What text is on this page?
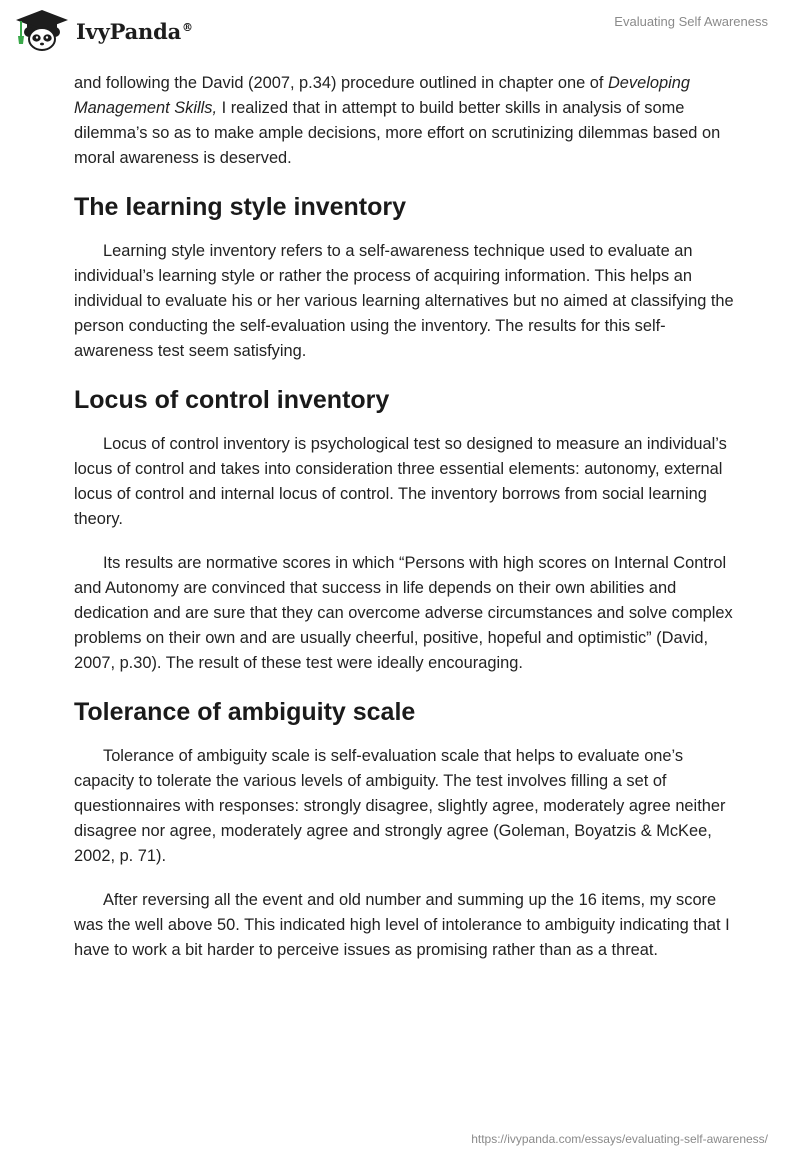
IvyPanda®	Evaluating Self Awareness

and following the David (2007, p.34) procedure outlined in chapter one of Developing Management Skills, I realized that in attempt to build better skills in analysis of some dilemma’s so as to make ample decisions, more effort on scrutinizing dilemmas based on moral awareness is deserved.

The learning style inventory

Learning style inventory refers to a self-awareness technique used to evaluate an individual’s learning style or rather the process of acquiring information. This helps an individual to evaluate his or her various learning alternatives but no aimed at classifying the person conducting the self-evaluation using the inventory. The results for this self-awareness test seem satisfying.

Locus of control inventory

Locus of control inventory is psychological test so designed to measure an individual’s locus of control and takes into consideration three essential elements: autonomy, external locus of control and internal locus of control. The inventory borrows from social learning theory.

Its results are normative scores in which “Persons with high scores on Internal Control and Autonomy are convinced that success in life depends on their own abilities and dedication and are sure that they can overcome adverse circumstances and solve complex problems on their own and are usually cheerful, positive, hopeful and optimistic” (David, 2007, p.30). The result of these test were ideally encouraging.

Tolerance of ambiguity scale

Tolerance of ambiguity scale is self-evaluation scale that helps to evaluate one’s capacity to tolerate the various levels of ambiguity. The test involves filling a set of questionnaires with responses: strongly disagree, slightly agree, moderately agree neither disagree nor agree, moderately agree and strongly agree (Goleman, Boyatzis & McKee, 2002, p. 71).

After reversing all the event and old number and summing up the 16 items, my score was the well above 50. This indicated high level of intolerance to ambiguity indicating that I have to work a bit harder to perceive issues as promising rather than as a threat.

https://ivypanda.com/essays/evaluating-self-awareness/
